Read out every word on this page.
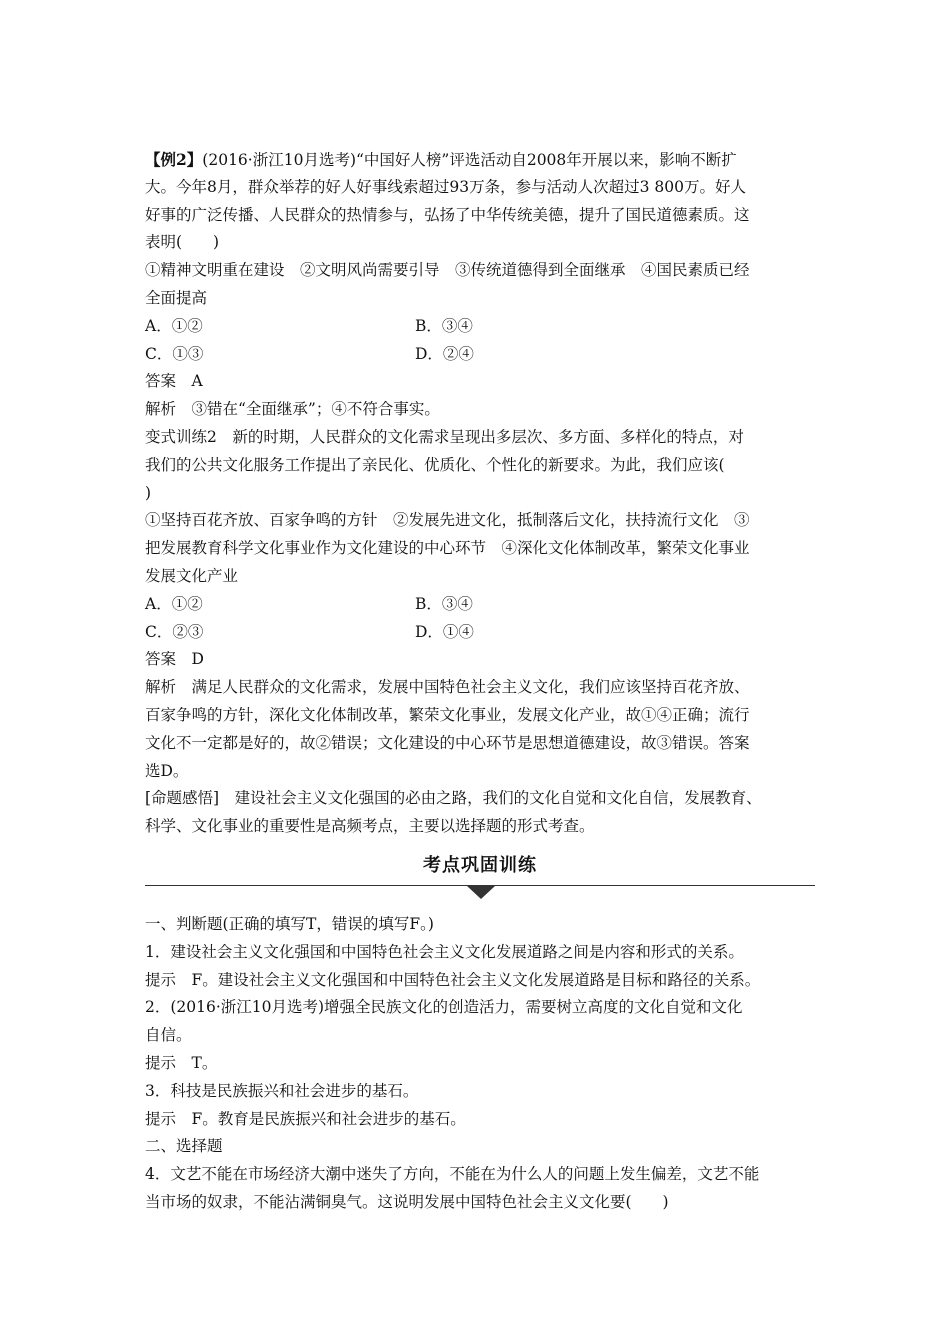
【例2】(2016·浙江10月选考)“中国好人榜”评选活动自2008年开展以来，影响不断扩
大。今年8月，群众举荐的好人好事线索超过93万条，参与活动人次超过3 800万。好人
好事的广泛传播、人民群众的热情参与，弘扬了中华传统美德，提升了国民道德素质。这
表明(　　)
①精神文明重在建设　②文明风尚需要引导　③传统道德得到全面继承　④国民素质已经
全面提高
A．①②	B．③④
C．①③	D．②④
答案　A
解析　③错在“全面继承”；④不符合事实。
变式训练2　新的时期，人民群众的文化需求呈现出多层次、多方面、多样化的特点，对
我们的公共文化服务工作提出了亲民化、优质化、个性化的新要求。为此，我们应该(
)
①坚持百花齐放、百家争鸣的方针　②发展先进文化，抵制落后文化，扶持流行文化　③
把发展教育科学文化事业作为文化建设的中心环节　④深化文化体制改革，繁荣文化事业
发展文化产业
A．①②	B．③④
C．②③	D．①④
答案　D
解析　满足人民群众的文化需求，发展中国特色社会主义文化，我们应该坚持百花齐放、
百家争鸣的方针，深化文化体制改革，繁荣文化事业，发展文化产业，故①④正确；流行
文化不一定都是好的，故②错误；文化建设的中心环节是思想道德建设，故③错误。答案
选D。
[命题感悟]　建设社会主义文化强国的必由之路，我们的文化自觉和文化自信，发展教育、
科学、文化事业的重要性是高频考点，主要以选择题的形式考查。
考点巩固训练
一、判断题(正确的填写T，错误的填写F。)
1．建设社会主义文化强国和中国特色社会主义文化发展道路之间是内容和形式的关系。
提示　F。建设社会主义文化强国和中国特色社会主义文化发展道路是目标和路径的关系。
2．(2016·浙江10月选考)增强全民族文化的创造活力，需要树立高度的文化自觉和文化
自信。
提示　T。
3．科技是民族振兴和社会进步的基石。
提示　F。教育是民族振兴和社会进步的基石。
二、选择题
4．文艺不能在市场经济大潮中迷失了方向，不能在为什么人的问题上发生偏差，文艺不能
当市场的奴隶，不能沾满铜臭气。这说明发展中国特色社会主义文化要(　　)
